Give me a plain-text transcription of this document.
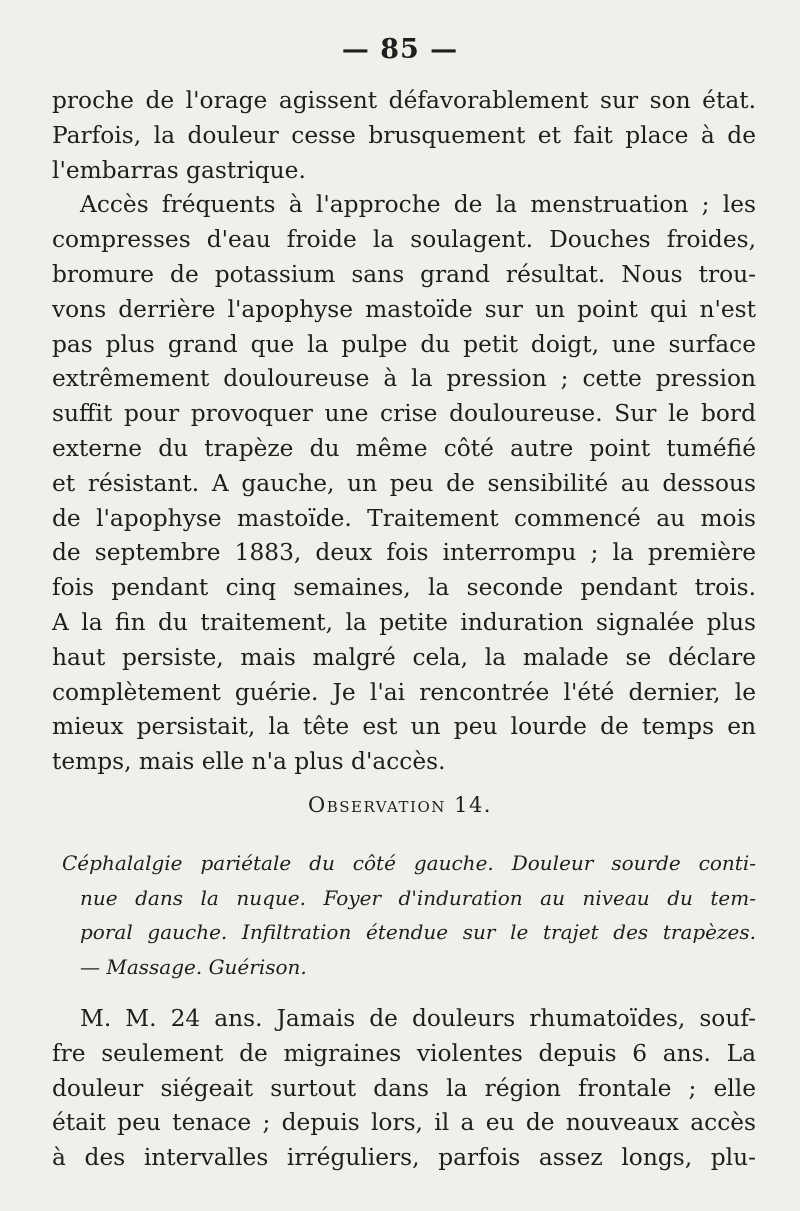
— 85 —
proche de l'orage agissent défavorablement sur son état.
Parfois, la douleur cesse brusquement et fait place à de
l'embarras gastrique.
Accès fréquents à l'approche de la menstruation ; les
compresses d'eau froide la soulagent. Douches froides,
bromure de potassium sans grand résultat. Nous trou-
vons derrière l'apophyse mastoïde sur un point qui n'est
pas plus grand que la pulpe du petit doigt, une surface
extrêmement douloureuse à la pression ; cette pression
suffit pour provoquer une crise douloureuse. Sur le bord
externe du trapèze du même côté autre point tuméfié
et résistant. A gauche, un peu de sensibilité au dessous
de l'apophyse mastoïde. Traitement commencé au mois
de septembre 1883, deux fois interrompu ; la première
fois pendant cinq semaines, la seconde pendant trois.
A la fin du traitement, la petite induration signalée plus
haut persiste, mais malgré cela, la malade se déclare
complètement guérie. Je l'ai rencontrée l'été dernier, le
mieux persistait, la tête est un peu lourde de temps en
temps, mais elle n'a plus d'accès.
Observation 14.
Céphalalgie pariétale du côté gauche. Douleur sourde conti-
nue dans la nuque. Foyer d'induration au niveau du tem-
poral gauche. Infiltration étendue sur le trajet des trapèzes.
— Massage. Guérison.
M. M. 24 ans. Jamais de douleurs rhumatoïdes, souf-
fre seulement de migraines violentes depuis 6 ans. La
douleur siégeait surtout dans la région frontale ; elle
était peu tenace ; depuis lors, il a eu de nouveaux accès
à des intervalles irréguliers, parfois assez longs, plu-
